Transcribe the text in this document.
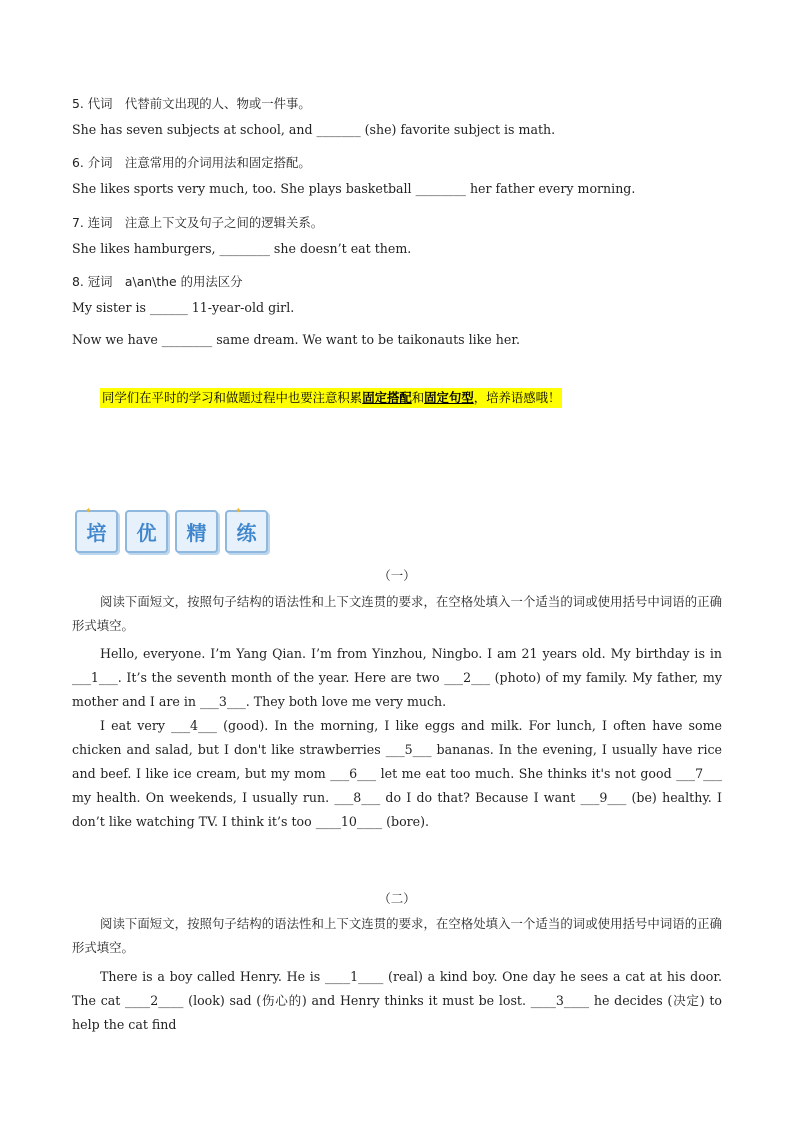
5. 代词　代替前文出现的人、物或一件事。
She has seven subjects at school, and _______ (she) favorite subject is math.
6. 介词　注意常用的介词用法和固定搭配。
She likes sports very much, too. She plays basketball ________ her father every morning.
7. 连词　注意上下文及句子之间的逻辑关系。
She likes hamburgers, ________ she doesn’t eat them.
8. 冠词　a\an\the 的用法区分
My sister is ______ 11-year-old girl.
Now we have ________ same dream. We want to be taikonauts like her.
同学们在平时的学习和做题过程中也要注意积累固定搭配和固定句型，培养语感哦！
✦
培 优 精
✦
练
（一）

阅读下面短文，按照句子结构的语法性和上下文连贯的要求，在空格处填入一个适当的词或使用括号中词语的正确形式填空。

Hello, everyone. I’m Yang Qian. I’m from Yinzhou, Ningbo. I am 21 years old. My birthday is in ___1___. It’s the seventh month of the year. Here are two ___2___ (photo) of my family. My father, my mother and I are in ___3___. They both love me very much.

I eat very ___4___ (good). In the morning, I like eggs and milk. For lunch, I often have some chicken and salad, but I don't like strawberries ___5___ bananas. In the evening, I usually have rice and beef. I like ice cream, but my mom ___6___ let me eat too much. She thinks it's not good ___7___ my health. On weekends, I usually run. ___8___ do I do that? Because I want ___9___ (be) healthy. I don’t like watching TV. I think it’s too ____10____ (bore).

（二）

阅读下面短文，按照句子结构的语法性和上下文连贯的要求，在空格处填入一个适当的词或使用括号中词语的正确形式填空。

There is a boy called Henry. He is ____1____ (real) a kind boy. One day he sees a cat at his door. The cat ____2____ (look) sad (伤心的) and Henry thinks it must be lost. ____3____ he decides (决定) to help the cat find
